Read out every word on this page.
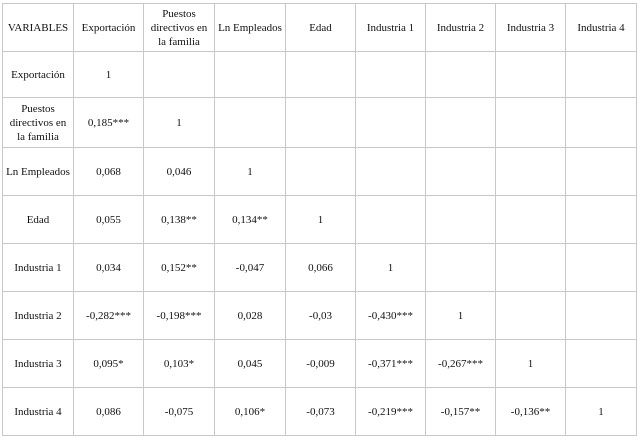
VARIABLES	Exportación	Puestos directivos en la familia	Ln Empleados	Edad	Industria 1	Industria 2	Industria 3	Industria 4
Exportación	1							
Puestos directivos en la familia	0,185***	1						
Ln Empleados	0,068	0,046	1					
Edad	0,055	0,138**	0,134**	1				
Industria 1	0,034	0,152**	-0,047	0,066	1			
Industria 2	-0,282***	-0,198***	0,028	-0,03	-0,430***	1		
Industria 3	0,095*	0,103*	0,045	-0,009	-0,371***	-0,267***	1	
Industria 4	0,086	-0,075	0,106*	-0,073	-0,219***	-0,157**	-0,136**	1
